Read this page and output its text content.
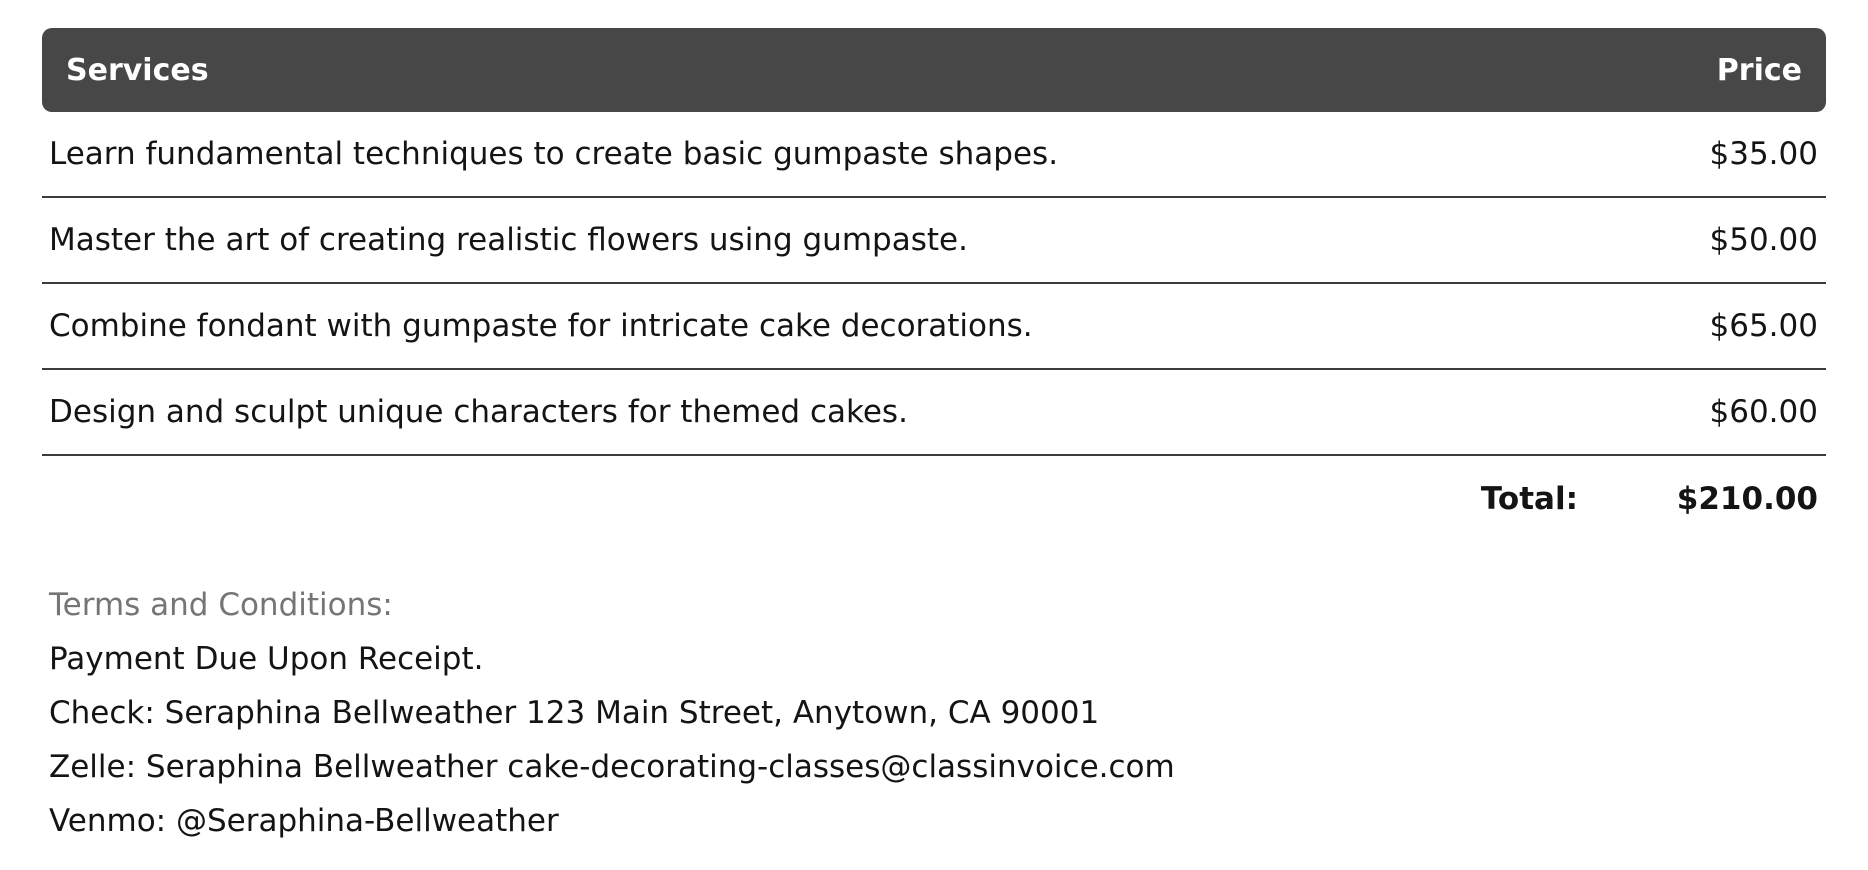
Services	Price
Learn fundamental techniques to create basic gumpaste shapes.	$35.00
Master the art of creating realistic flowers using gumpaste.	$50.00
Combine fondant with gumpaste for intricate cake decorations.	$65.00
Design and sculpt unique characters for themed cakes.	$60.00
Total:	$210.00
Terms and Conditions:
Payment Due Upon Receipt.
Check: Seraphina Bellweather 123 Main Street, Anytown, CA 90001
Zelle: Seraphina Bellweather cake-decorating-classes@classinvoice.com
Venmo: @Seraphina-Bellweather
